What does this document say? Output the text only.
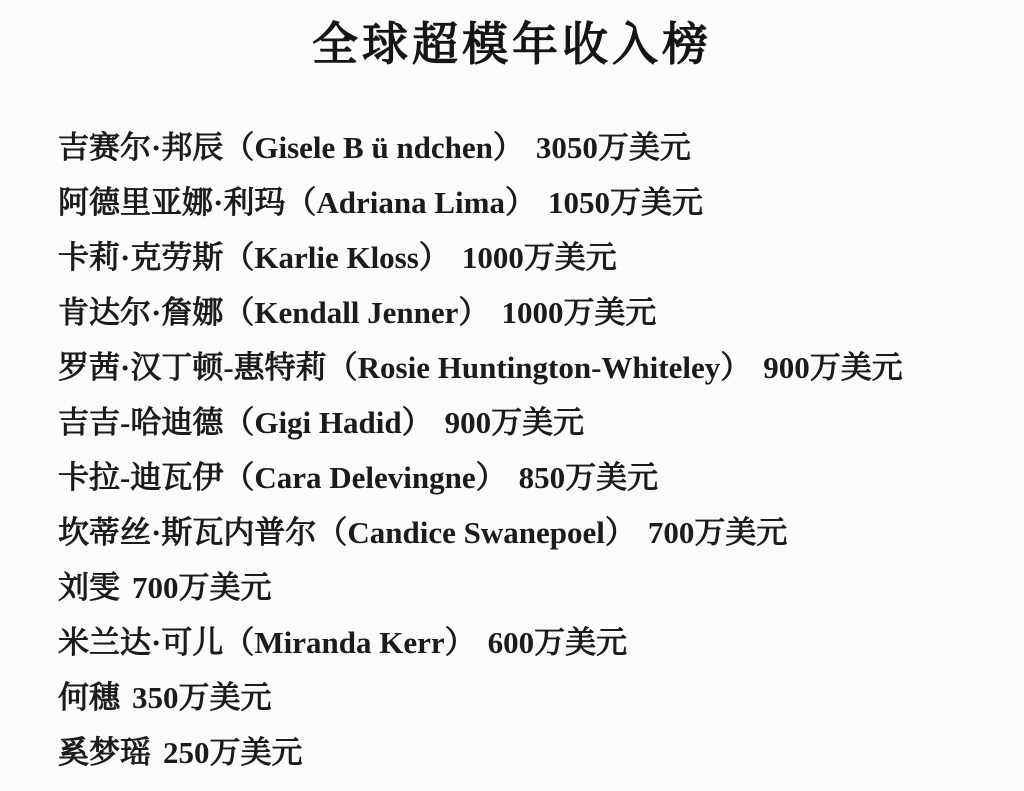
全球超模年收入榜
吉赛尔·邦辰（Gisele B ü ndchen） 3050万美元
阿德里亚娜·利玛（Adriana Lima） 1050万美元
卡莉·克劳斯（Karlie Kloss） 1000万美元
肯达尔·詹娜（Kendall Jenner） 1000万美元
罗茜·汉丁顿-惠特莉（Rosie Huntington-Whiteley） 900万美元
吉吉-哈迪德（Gigi Hadid） 900万美元
卡拉-迪瓦伊（Cara Delevingne） 850万美元
坎蒂丝·斯瓦内普尔（Candice Swanepoel） 700万美元
刘雯 700万美元
米兰达·可儿（Miranda Kerr） 600万美元
何穗 350万美元
奚梦瑶 250万美元
